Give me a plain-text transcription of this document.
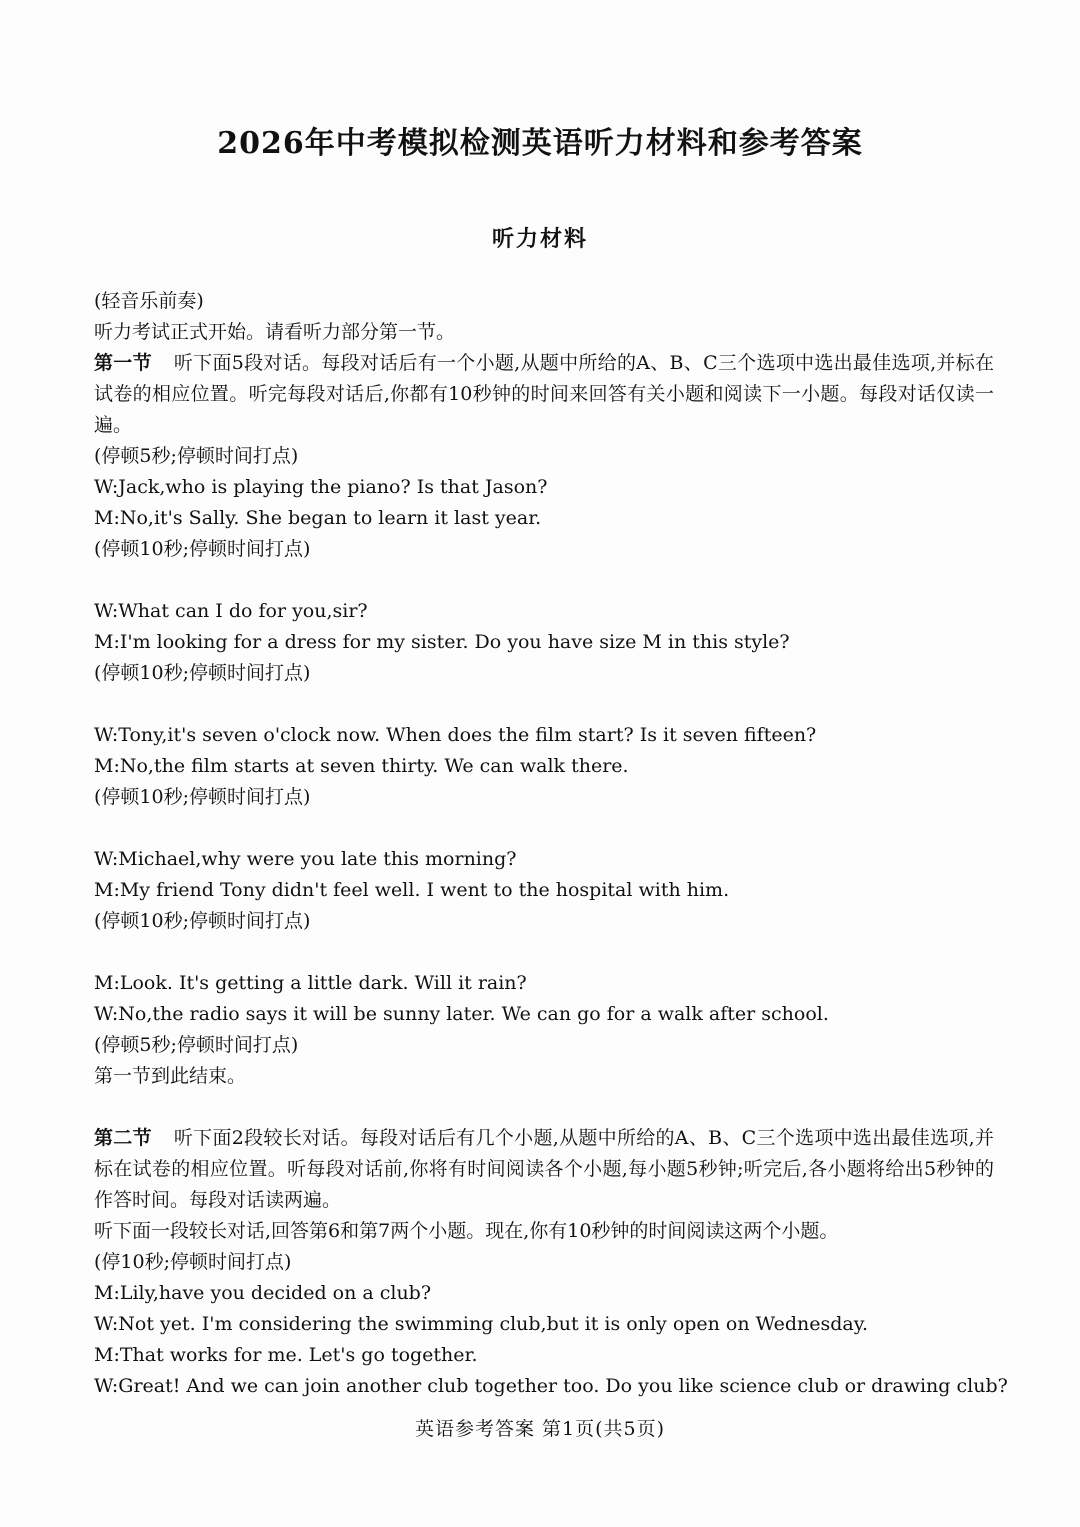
2026年中考模拟检测英语听力材料和参考答案
听力材料
(轻音乐前奏)
听力考试正式开始。请看听力部分第一节。
第一节 听下面5段对话。每段对话后有一个小题,从题中所给的A、B、C三个选项中选出最佳选项,并标在试卷的相应位置。听完每段对话后,你都有10秒钟的时间来回答有关小题和阅读下一小题。每段对话仅读一遍。
(停顿5秒;停顿时间打点)
W:Jack,who is playing the piano? Is that Jason?
M:No,it's Sally. She began to learn it last year.
(停顿10秒;停顿时间打点)
W:What can I do for you,sir?
M:I'm looking for a dress for my sister. Do you have size M in this style?
(停顿10秒;停顿时间打点)
W:Tony,it's seven o'clock now. When does the film start? Is it seven fifteen?
M:No,the film starts at seven thirty. We can walk there.
(停顿10秒;停顿时间打点)
W:Michael,why were you late this morning?
M:My friend Tony didn't feel well. I went to the hospital with him.
(停顿10秒;停顿时间打点)
M:Look. It's getting a little dark. Will it rain?
W:No,the radio says it will be sunny later. We can go for a walk after school.
(停顿5秒;停顿时间打点)
第一节到此结束。
第二节 听下面2段较长对话。每段对话后有几个小题,从题中所给的A、B、C三个选项中选出最佳选项,并标在试卷的相应位置。听每段对话前,你将有时间阅读各个小题,每小题5秒钟;听完后,各小题将给出5秒钟的作答时间。每段对话读两遍。
听下面一段较长对话,回答第6和第7两个小题。现在,你有10秒钟的时间阅读这两个小题。
(停10秒;停顿时间打点)
M:Lily,have you decided on a club?
W:Not yet. I'm considering the swimming club,but it is only open on Wednesday.
M:That works for me. Let's go together.
W:Great! And we can join another club together too. Do you like science club or drawing club?
英语参考答案 第1页(共5页)
